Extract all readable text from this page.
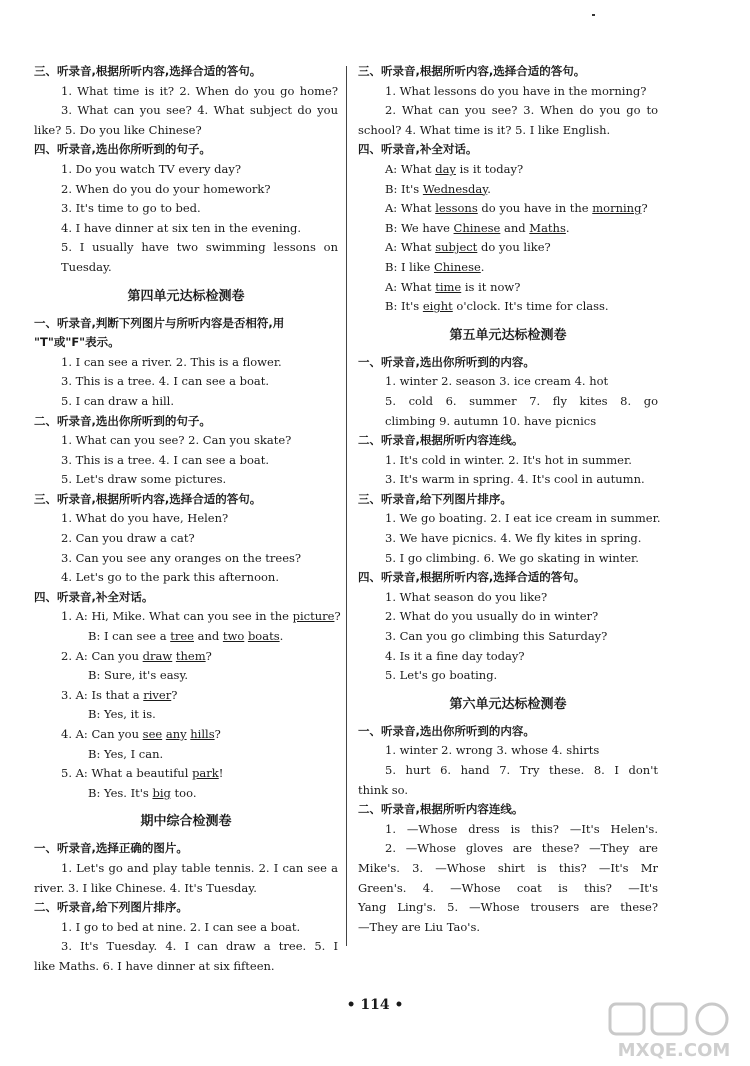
三、听录音,根据所听内容,选择合适的答句。
1. What time is it? 2. When do you go home?
3. What can you see? 4. What subject do you
like? 5. Do you like Chinese?
四、听录音,选出你所听到的句子。
1. Do you watch TV every day?
2. When do you do your homework?
3. It's time to go to bed.
4. I have dinner at six ten in the evening.
5. I usually have two swimming lessons on
Tuesday.
第四单元达标检测卷
一、听录音,判断下列图片与所听内容是否相符,用
"T"或"F"表示。
1. I can see a river. 2. This is a flower.
3. This is a tree. 4. I can see a boat.
5. I can draw a hill.
二、听录音,选出你所听到的句子。
1. What can you see? 2. Can you skate?
3. This is a tree. 4. I can see a boat.
5. Let's draw some pictures.
三、听录音,根据所听内容,选择合适的答句。
1. What do you have, Helen?
2. Can you draw a cat?
3. Can you see any oranges on the trees?
4. Let's go to the park this afternoon.
四、听录音,补全对话。
1. A: Hi, Mike. What can you see in the picture?
B: I can see a tree and two boats.
2. A: Can you draw them?
B: Sure, it's easy.
3. A: Is that a river?
B: Yes, it is.
4. A: Can you see any hills?
B: Yes, I can.
5. A: What a beautiful park!
B: Yes. It's big too.
期中综合检测卷
一、听录音,选择正确的图片。
1. Let's go and play table tennis. 2. I can see a
river. 3. I like Chinese. 4. It's Tuesday.
二、听录音,给下列图片排序。
1. I go to bed at nine. 2. I can see a boat.
3. It's Tuesday. 4. I can draw a tree. 5. I
like Maths. 6. I have dinner at six fifteen.
三、听录音,根据所听内容,选择合适的答句。
1. What lessons do you have in the morning?
2. What can you see? 3. When do you go to
school? 4. What time is it? 5. I like English.
四、听录音,补全对话。
A: What day is it today?
B: It's Wednesday.
A: What lessons do you have in the morning?
B: We have Chinese and Maths.
A: What subject do you like?
B: I like Chinese.
A: What time is it now?
B: It's eight o'clock. It's time for class.
第五单元达标检测卷
一、听录音,选出你所听到的内容。
1. winter 2. season 3. ice cream 4. hot
5. cold 6. summer 7. fly kites 8. go
climbing 9. autumn 10. have picnics
二、听录音,根据所听内容连线。
1. It's cold in winter. 2. It's hot in summer.
3. It's warm in spring. 4. It's cool in autumn.
三、听录音,给下列图片排序。
1. We go boating. 2. I eat ice cream in summer.
3. We have picnics. 4. We fly kites in spring.
5. I go climbing. 6. We go skating in winter.
四、听录音,根据所听内容,选择合适的答句。
1. What season do you like?
2. What do you usually do in winter?
3. Can you go climbing this Saturday?
4. Is it a fine day today?
5. Let's go boating.
第六单元达标检测卷
一、听录音,选出你所听到的内容。
1. winter 2. wrong 3. whose 4. shirts
5. hurt 6. hand 7. Try these. 8. I don't
think so.
二、听录音,根据所听内容连线。
1. —Whose dress is this? —It's Helen's.
2. —Whose gloves are these? —They are
Mike's. 3. —Whose shirt is this? —It's Mr
Green's. 4. —Whose coat is this? —It's
Yang Ling's. 5. —Whose trousers are these?
—They are Liu Tao's.
• 114 •
MXQE.COM
